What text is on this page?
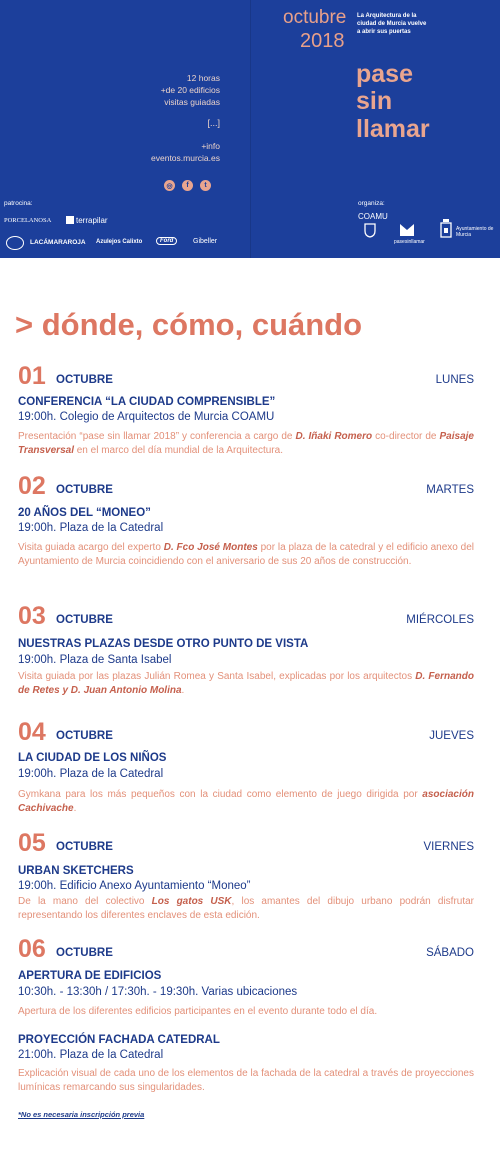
octubre
2018
La Arquitectura de la
ciudad de Murcia vuelve
a abrir sus puertas
pase
sin
llamar
12 horas
+de 20 edificios
visitas guiadas
[...]
+info
eventos.murcia.es
◎	f	t
patrocina:
PORCELANOSA	terrapilar
LACÁMARAROJA Azulejos Calixto	Ford	Gibeller
organiza:
COAMU
pasesinllamar
Ayuntamiento de Murcia
> dónde, cómo, cuándo
01 OCTUBRE	LUNES
CONFERENCIA “LA CIUDAD COMPRENSIBLE”
19:00h. Colegio de Arquitectos de Murcia COAMU
Presentación “pase sin llamar 2018” y conferencia a cargo de D. Iñaki Romero co-director de Paisaje Transversal en el marco del día mundial de la Arquitectura.
02 OCTUBRE	MARTES
20 AÑOS DEL “MONEO”
19:00h. Plaza de la Catedral
Visita guiada acargo del experto D. Fco José Montes por la plaza de la catedral y el edificio anexo del Ayuntamiento de Murcia coincidiendo con el aniversario de sus 20 años de construcción.
03 OCTUBRE	MIÉRCOLES
NUESTRAS PLAZAS DESDE OTRO PUNTO DE VISTA
19:00h. Plaza de Santa Isabel
Visita guiada por las plazas Julián Romea y Santa Isabel, explicadas por los arquitectos D. Fernando de Retes y D. Juan Antonio Molina.
04 OCTUBRE	JUEVES
LA CIUDAD DE LOS NIÑOS
19:00h. Plaza de la Catedral
Gymkana para los más pequeños con la ciudad como elemento de juego dirigida por asociación Cachivache.
05 OCTUBRE	VIERNES
URBAN SKETCHERS
19:00h. Edificio Anexo Ayuntamiento “Moneo”
De la mano del colectivo Los gatos USK, los amantes del dibujo urbano podrán disfrutar representando los diferentes enclaves de esta edición.
06 OCTUBRE	SÁBADO
APERTURA DE EDIFICIOS
10:30h. - 13:30h / 17:30h. - 19:30h. Varias ubicaciones
Apertura de los diferentes edificios participantes en el evento durante todo el día.
PROYECCIÓN FACHADA CATEDRAL
21:00h. Plaza de la Catedral
Explicación visual de cada uno de los elementos de la fachada de la catedral a través de proyecciones lumínicas remarcando sus singularidades.
*No es necesaria inscripción previa
